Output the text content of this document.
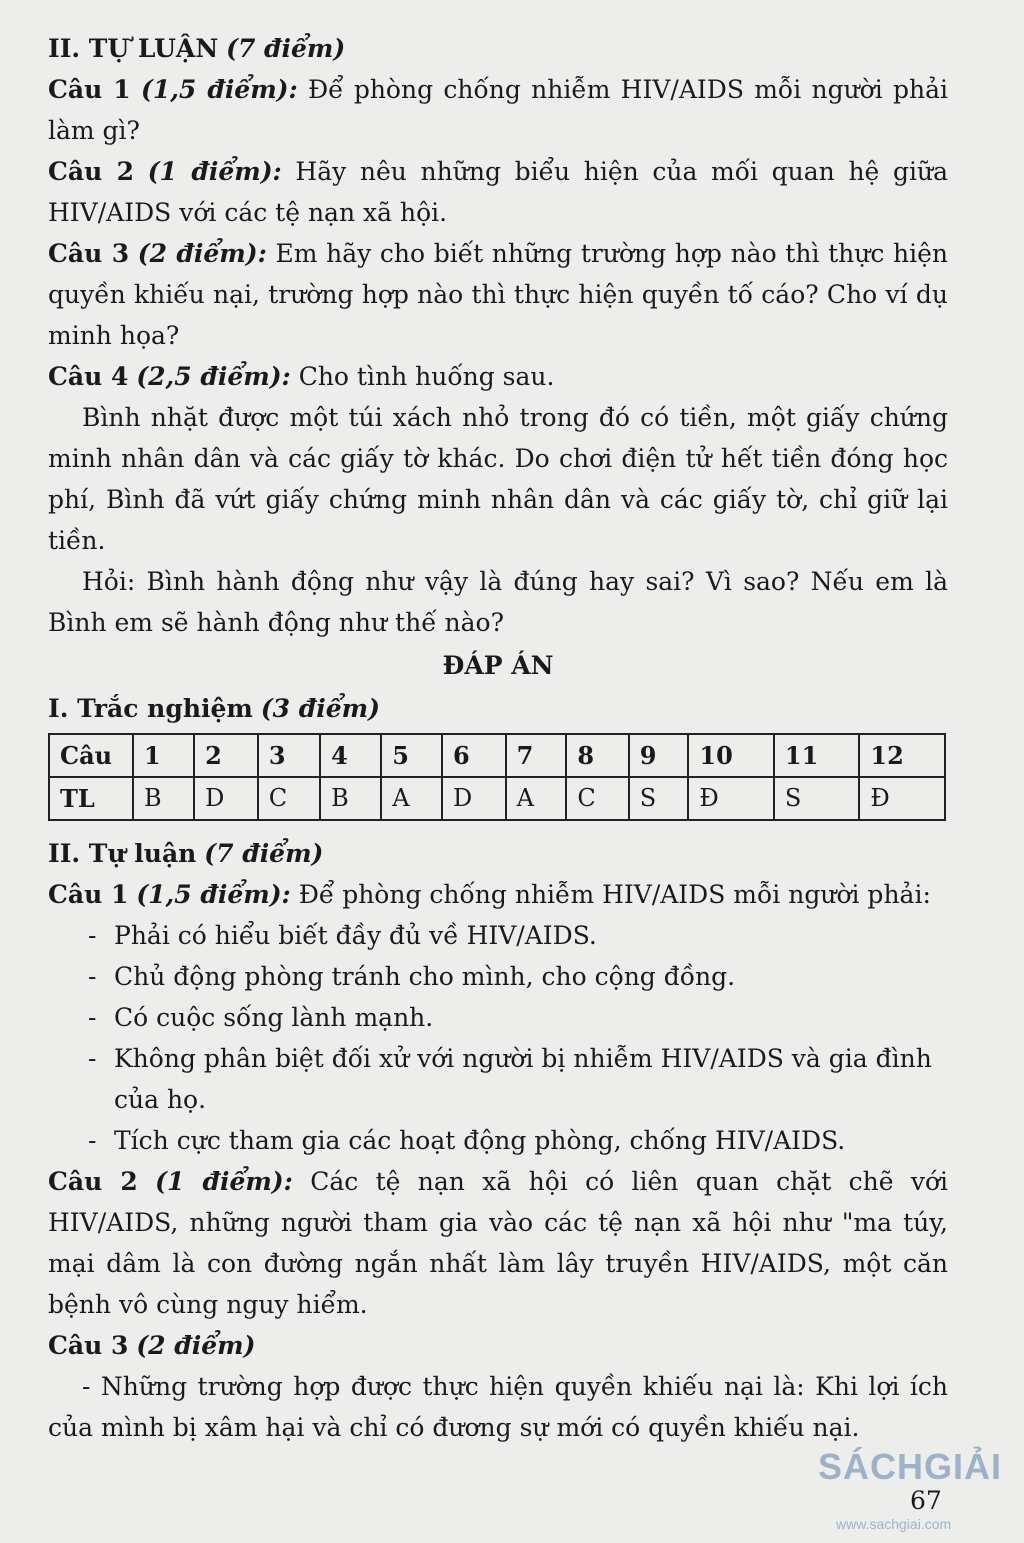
II. TỰ LUẬN (7 điểm)

Câu 1 (1,5 điểm): Để phòng chống nhiễm HIV/AIDS mỗi người phải làm gì?

Câu 2 (1 điểm): Hãy nêu những biểu hiện của mối quan hệ giữa HIV/AIDS với các tệ nạn xã hội.

Câu 3 (2 điểm): Em hãy cho biết những trường hợp nào thì thực hiện quyền khiếu nại, trường hợp nào thì thực hiện quyền tố cáo? Cho ví dụ minh họa?

Câu 4 (2,5 điểm): Cho tình huống sau.

Bình nhặt được một túi xách nhỏ trong đó có tiền, một giấy chứng minh nhân dân và các giấy tờ khác. Do chơi điện tử hết tiền đóng học phí, Bình đã vứt giấy chứng minh nhân dân và các giấy tờ, chỉ giữ lại tiền.

Hỏi: Bình hành động như vậy là đúng hay sai? Vì sao? Nếu em là Bình em sẽ hành động như thế nào?

ĐÁP ÁN

I. Trắc nghiệm (3 điểm)

Câu	1	2	3	4	5	6	7	8	9	10	11	12
TL	B	D	C	B	A	D	A	C	S	Đ	S	Đ

II. Tự luận (7 điểm)

Câu 1 (1,5 điểm): Để phòng chống nhiễm HIV/AIDS mỗi người phải:

- Phải có hiểu biết đầy đủ về HIV/AIDS.
- Chủ động phòng tránh cho mình, cho cộng đồng.
- Có cuộc sống lành mạnh.
- Không phân biệt đối xử với người bị nhiễm HIV/AIDS và gia đình của họ.
- Tích cực tham gia các hoạt động phòng, chống HIV/AIDS.

Câu 2 (1 điểm): Các tệ nạn xã hội có liên quan chặt chẽ với HIV/AIDS, những người tham gia vào các tệ nạn xã hội như "ma túy, mại dâm là con đường ngắn nhất làm lây truyền HIV/AIDS, một căn bệnh vô cùng nguy hiểm.

Câu 3 (2 điểm)

- Những trường hợp được thực hiện quyền khiếu nại là: Khi lợi ích của mình bị xâm hại và chỉ có đương sự mới có quyền khiếu nại.

SÁCHGIẢI
www.sachgiai.com
67
